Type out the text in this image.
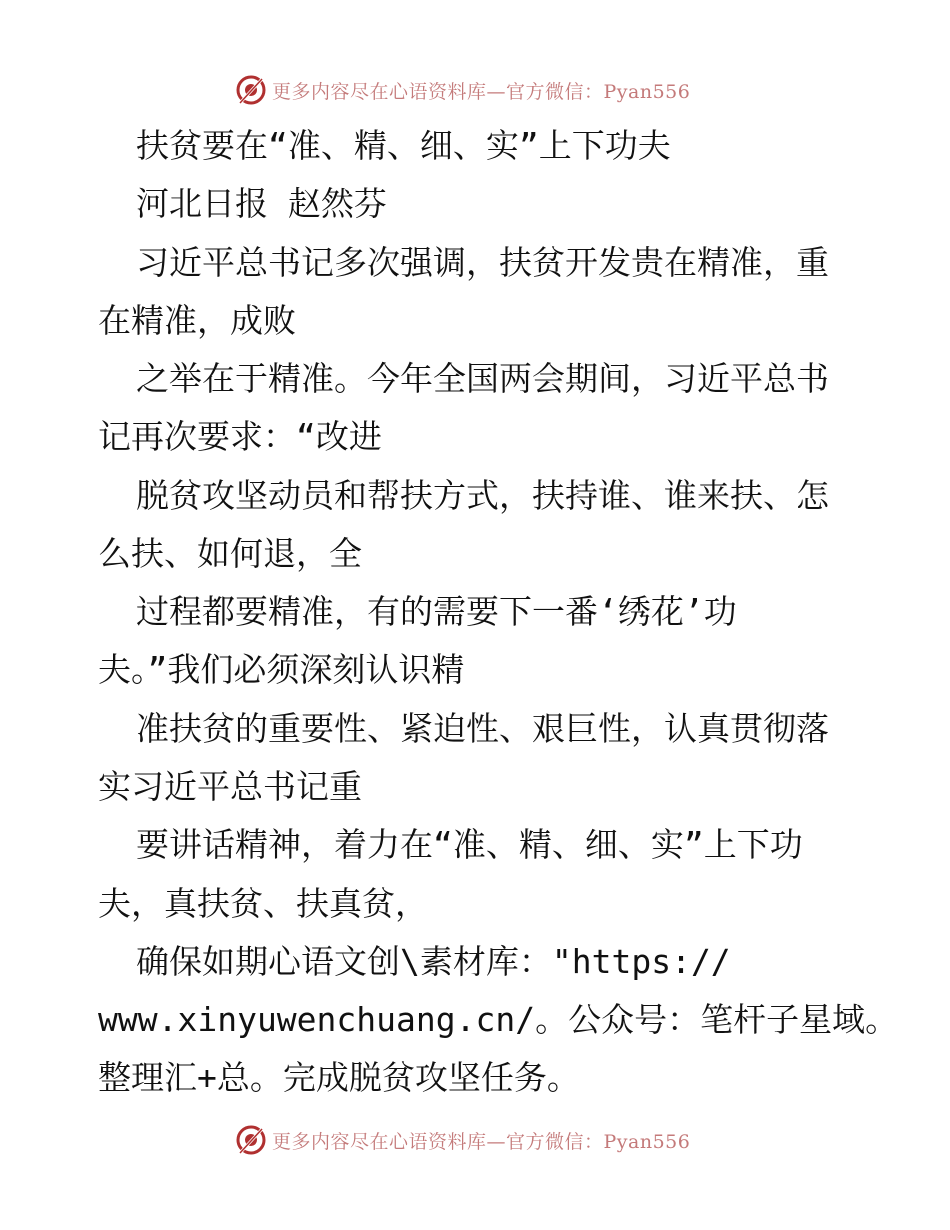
更多内容尽在心语资料库—官方微信：Pyan556
扶贫要在“准、精、细、实”上下功夫
河北日报 赵然芬
习近平总书记多次强调，扶贫开发贵在精准，重
在精准，成败
之举在于精准。今年全国两会期间，习近平总书
记再次要求：“改进
脱贫攻坚动员和帮扶方式，扶持谁、谁来扶、怎
么扶、如何退，全
过程都要精准，有的需要下一番‘绣花’功
夫。”我们必须深刻认识精
准扶贫的重要性、紧迫性、艰巨性，认真贯彻落
实习近平总书记重
要讲话精神，着力在“准、精、细、实”上下功
夫，真扶贫、扶真贫，
确保如期心语文创\素材库："https://
www.xinyuwenchuang.cn/。公众号：笔杆子星域。
整理汇+总。完成脱贫攻坚任务。
更多内容尽在心语资料库—官方微信：Pyan556
